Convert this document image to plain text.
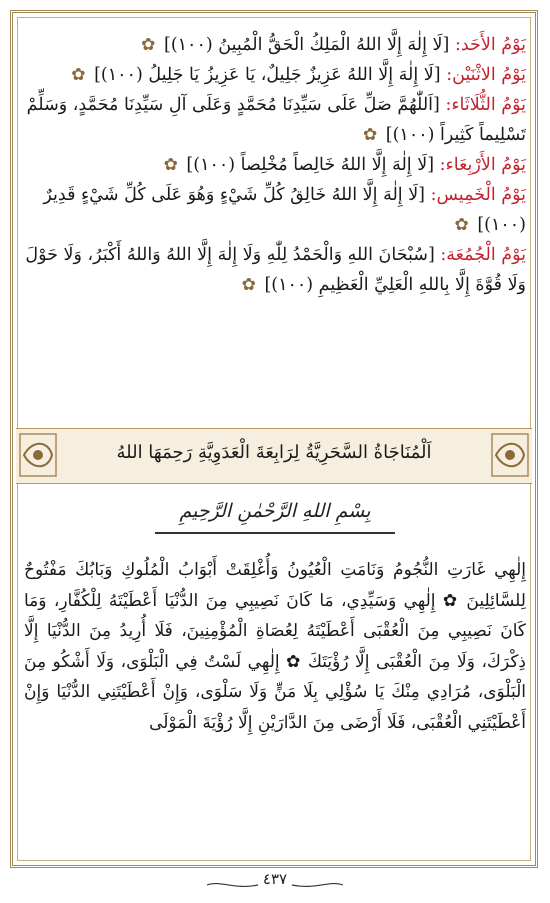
يَوْمُ الأَحَد: [لَا إِلٰهَ إِلَّا اللهُ الْمَلِكُ الْحَقُّ الْمُبِينُ (١٠٠)] ✿

يَوْمُ الاثْنَيْن: [لَا إِلٰهَ إِلَّا اللهُ عَزِيزٌ جَلِيلٌ، يَا عَزِيزُ يَا جَلِيلُ (١٠٠)] ✿

يَوْمُ الثُّلَاثَاء: [اَللّٰهُمَّ صَلِّ عَلَى سَيِّدِنَا مُحَمَّدٍ وَعَلَى آلِ سَيِّدِنَا مُحَمَّدٍ، وَسَلِّمْ تَسْلِيماً كَثِيراً (١٠٠)] ✿

يَوْمُ الأَرْبِعَاء: [لَا إِلٰهَ إِلَّا اللهُ خَالِصاً مُخْلِصاً (١٠٠)] ✿

يَوْمُ الْخَمِيس: [لَا إِلٰهَ إِلَّا اللهُ خَالِقُ كُلِّ شَيْءٍ وَهُوَ عَلَى كُلِّ شَيْءٍ قَدِيرٌ (١٠٠)] ✿

يَوْمُ الْجُمُعَة: [سُبْحَانَ اللهِ وَالْحَمْدُ لِلّٰهِ وَلَا إِلٰهَ إِلَّا اللهُ وَاللهُ أَكْبَرُ، وَلَا حَوْلَ وَلَا قُوَّةَ إِلَّا بِاللهِ الْعَلِيِّ الْعَظِيمِ (١٠٠)] ✿

اَلْمُنَاجَاةُ السَّحَرِيَّةُ لِرَابِعَةَ الْعَدَوِيَّةِ رَحِمَهَا اللهُ
بِسْمِ اللهِ الرَّحْمٰنِ الرَّحِيمِ
إِلٰهِي غَارَتِ النُّجُومُ وَنَامَتِ الْعُيُونُ وَأُغْلِقَتْ أَبْوَابُ الْمُلُوكِ وَبَابُكَ مَفْتُوحٌ لِلسَّائِلِينَ ✿ إِلٰهِي وَسَيِّدِي، مَا كَانَ نَصِيبِي مِنَ الدُّنْيَا أَعْطَيْتَهُ لِلْكُفَّارِ، وَمَا كَانَ نَصِيبِي مِنَ الْعُقْبَى أَعْطَيْتَهُ لِعُصَاةِ الْمُؤْمِنِينَ، فَلَا أُرِيدُ مِنَ الدُّنْيَا إِلَّا ذِكْرَكَ، وَلَا مِنَ الْعُقْبَى إِلَّا رُؤْيَتَكَ ✿ إِلٰهِي لَسْتُ فِي الْبَلْوَى، وَلَا أَشْكُو مِنَ الْبَلْوَى، مُرَادِي مِنْكَ يَا سُؤْلِي بِلَا مَنٍّ وَلَا سَلْوَى، وَإِنْ أَعْطَيْتَنِي الدُّنْيَا وَإِنْ أَعْطَيْتَنِي الْعُقْبَى، فَلَا أَرْضَى مِنَ الدَّارَيْنِ إِلَّا رُؤْيَةَ الْمَوْلَى
٤٣٧
